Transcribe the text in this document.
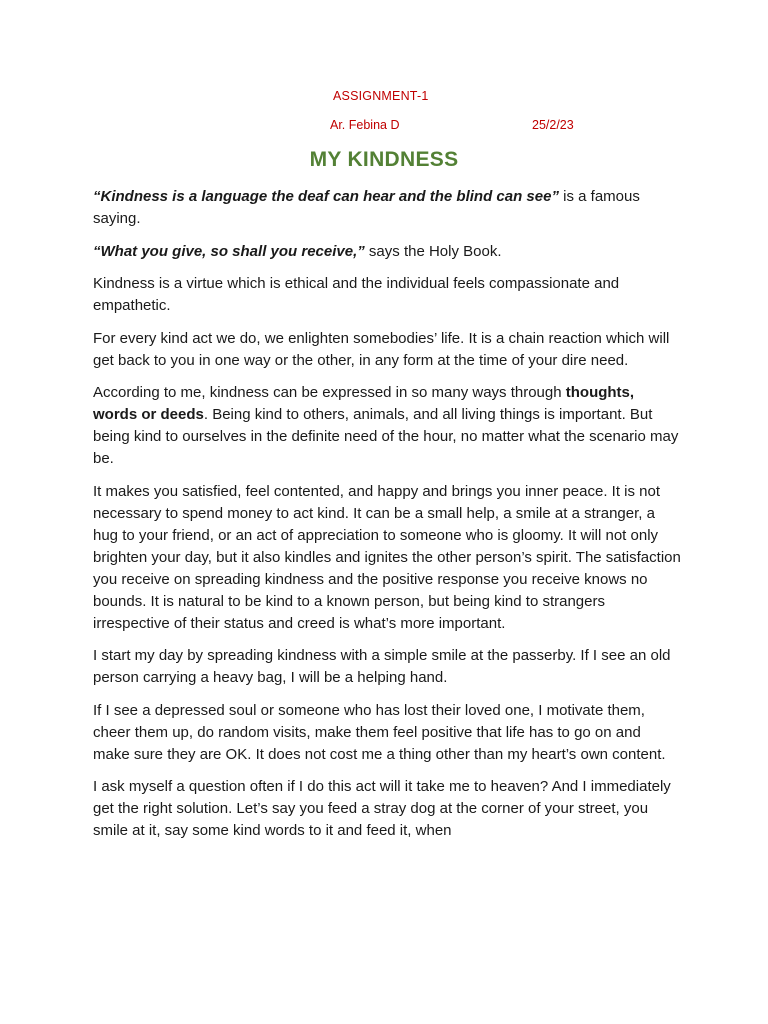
ASSIGNMENT-1
Ar. Febina D	25/2/23
MY KINDNESS

“Kindness is a language the deaf can hear and the blind can see” is a famous saying.

“What you give, so shall you receive,” says the Holy Book.

Kindness is a virtue which is ethical and the individual feels compassionate and empathetic.

For every kind act we do, we enlighten somebodies’ life. It is a chain reaction which will get back to you in one way or the other, in any form at the time of your dire need.

According to me, kindness can be expressed in so many ways through thoughts, words or deeds. Being kind to others, animals, and all living things is important. But being kind to ourselves in the definite need of the hour, no matter what the scenario may be.

It makes you satisfied, feel contented, and happy and brings you inner peace. It is not necessary to spend money to act kind. It can be a small help, a smile at a stranger, a hug to your friend, or an act of appreciation to someone who is gloomy. It will not only brighten your day, but it also kindles and ignites the other person’s spirit. The satisfaction you receive on spreading kindness and the positive response you receive knows no bounds. It is natural to be kind to a known person, but being kind to strangers irrespective of their status and creed is what’s more important.

I start my day by spreading kindness with a simple smile at the passerby. If I see an old person carrying a heavy bag, I will be a helping hand.

If I see a depressed soul or someone who has lost their loved one, I motivate them, cheer them up, do random visits, make them feel positive that life has to go on and make sure they are OK. It does not cost me a thing other than my heart’s own content.

I ask myself a question often if I do this act will it take me to heaven? And I immediately get the right solution. Let’s say you feed a stray dog at the corner of your street, you smile at it, say some kind words to it and feed it, when
